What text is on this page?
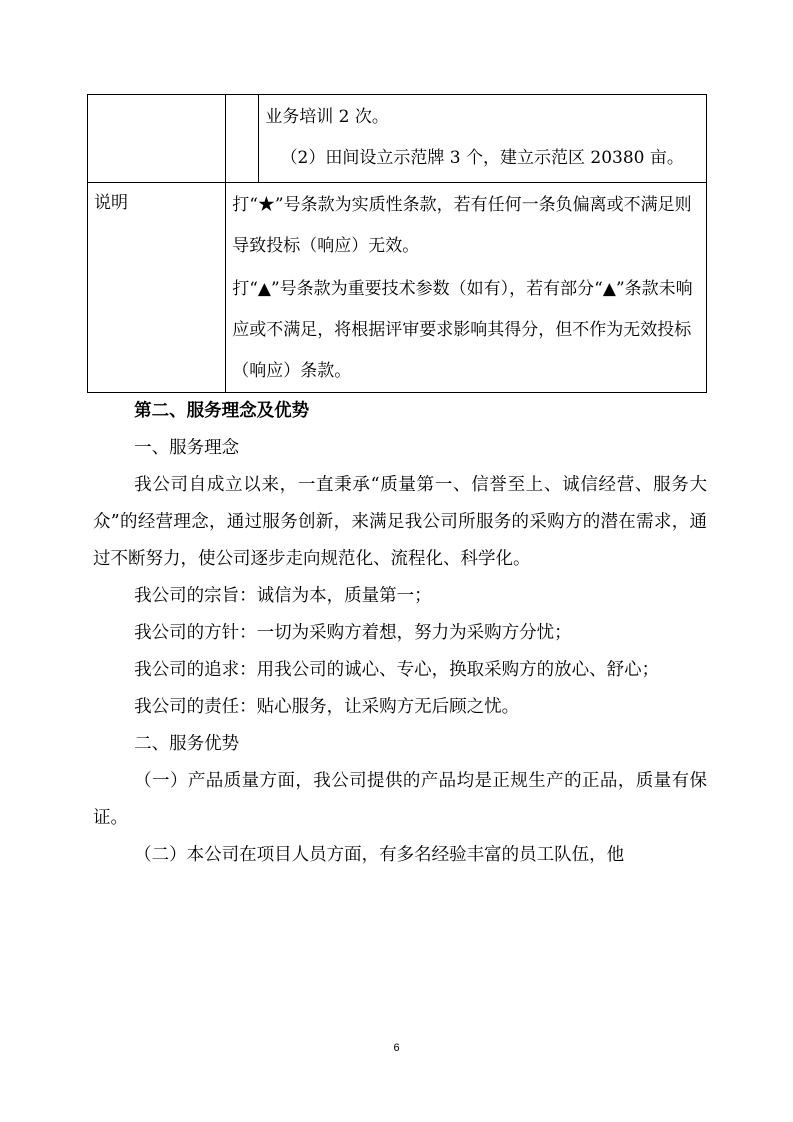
		业务培训 2 次。
（2）田间设立示范牌 3 个，建立示范区 20380 亩。

说明	打“★”号条款为实质性条款，若有任何一条负偏离或不满足则导致投标（响应）无效。
打“▲”号条款为重要技术参数（如有），若有部分“▲”条款未响应或不满足，将根据评审要求影响其得分，但不作为无效投标（响应）条款。	

第二、服务理念及优势

一、服务理念

我公司自成立以来，一直秉承“质量第一、信誉至上、诚信经营、服务大众”的经营理念，通过服务创新，来满足我公司所服务的采购方的潜在需求，通过不断努力，使公司逐步走向规范化、流程化、科学化。

我公司的宗旨：诚信为本，质量第一；

我公司的方针：一切为采购方着想，努力为采购方分忧；

我公司的追求：用我公司的诚心、专心，换取采购方的放心、舒心；

我公司的责任：贴心服务，让采购方无后顾之忧。

二、服务优势

（一）产品质量方面，我公司提供的产品均是正规生产的正品，质量有保证。

（二）本公司在项目人员方面，有多名经验丰富的员工队伍，他

6
